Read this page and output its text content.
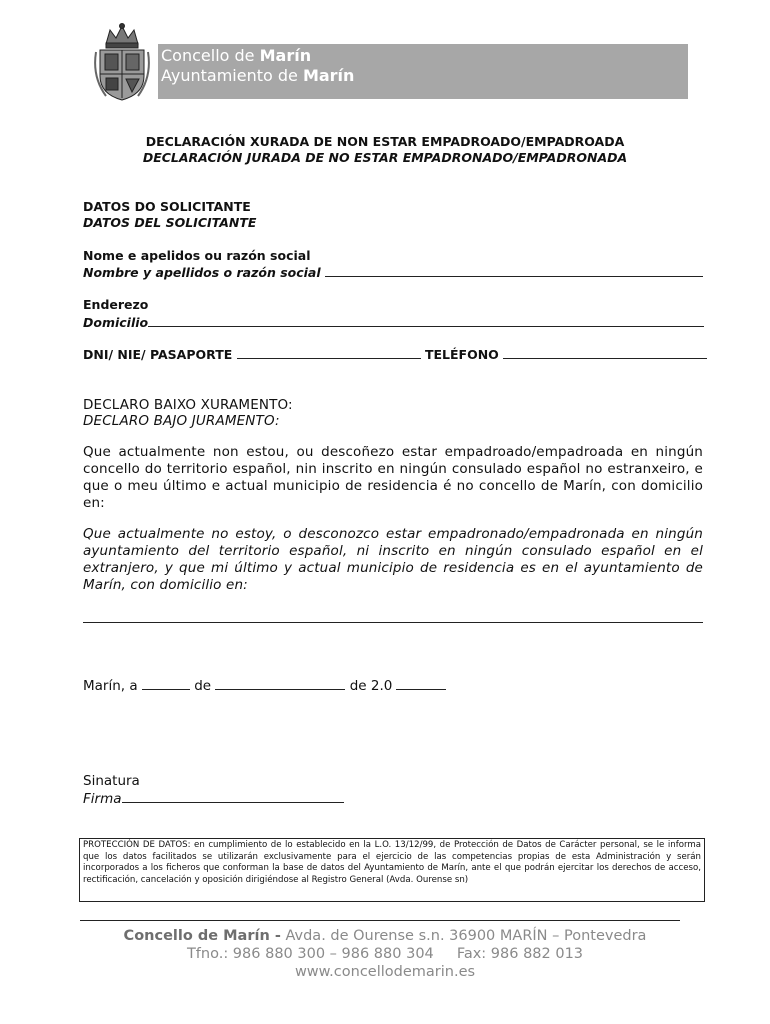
Concello de Marín
Ayuntamiento de Marín
DECLARACIÓN XURADA DE NON ESTAR EMPADROADO/EMPADROADA
DECLARACIÓN JURADA DE NO ESTAR EMPADRONADO/EMPADRONADA
DATOS DO SOLICITANTE
DATOS DEL SOLICITANTE
Nome e apelidos ou razón social
Nombre y apellidos o razón social
Enderezo
Domicilio
DNI/ NIE/ PASAPORTE	TELÉFONO
DECLARO BAIXO XURAMENTO:
DECLARO BAJO JURAMENTO:
Que actualmente non estou, ou descoñezo estar empadroado/empadroada en ningún concello do territorio español, nin inscrito en ningún consulado español no estranxeiro, e que o meu último e actual municipio de residencia é no concello de Marín, con domicilio en:
Que actualmente no estoy, o desconozco estar empadronado/empadronada en ningún ayuntamiento del territorio español, ni inscrito en ningún consulado español en el extranjero, y que mi último y actual municipio de residencia es en el ayuntamiento de Marín, con domicilio en:
Marín, a	de	de 2.0
Sinatura
Firma
PROTECCIÓN DE DATOS: en cumplimiento de lo establecido en la L.O. 13/12/99, de Protección de Datos de Carácter personal, se le informa que los datos facilitados se utilizarán exclusivamente para el ejercicio de las competencias propias de esta Administración y serán incorporados a los ficheros que conforman la base de datos del Ayuntamiento de Marín, ante el que podrán ejercitar los derechos de acceso, rectificación, cancelación y oposición dirigiéndose al Registro General (Avda. Ourense sn)
Concello de Marín - Avda. de Ourense s.n. 36900 MARÍN – Pontevedra
Tfno.: 986 880 300 – 986 880 304     Fax: 986 882 013
www.concellodemarin.es
